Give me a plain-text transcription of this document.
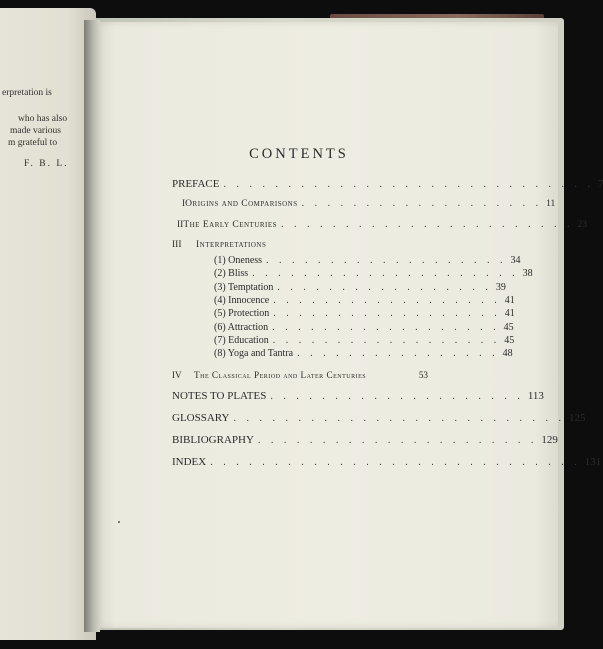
erpretation is
who has also
made various
m grateful to
F. B. L.
CONTENTS
PREFACE . . . . . . . . . . . . . . . . . . . . . . . . . . . . . 7
I Origins and Comparisons . . . . . . . . . . . . . . . . . . . 11
II The Early Centuries . . . . . . . . . . . . . . . . . . . . . . . 23
III	Interpretations
(1) Oneness . . . . . . . . . . . . . . . . . . . 34
(2) Bliss . . . . . . . . . . . . . . . . . . . . . 38
(3) Temptation . . . . . . . . . . . . . . . . . 39
(4) Innocence . . . . . . . . . . . . . . . . . . 41
(5) Protection . . . . . . . . . . . . . . . . . . 41
(6) Attraction . . . . . . . . . . . . . . . . . . 45
(7) Education . . . . . . . . . . . . . . . . . . 45
(8) Yoga and Tantra . . . . . . . . . . . . . . . . 48
IV	The Classical Period and Later Centuries	53
NOTES TO PLATES . . . . . . . . . . . . . . . . . . . . 113
GLOSSARY . . . . . . . . . . . . . . . . . . . . . . . . . . 125
BIBLIOGRAPHY . . . . . . . . . . . . . . . . . . . . . . 129
INDEX . . . . . . . . . . . . . . . . . . . . . . . . . . . . . 131
